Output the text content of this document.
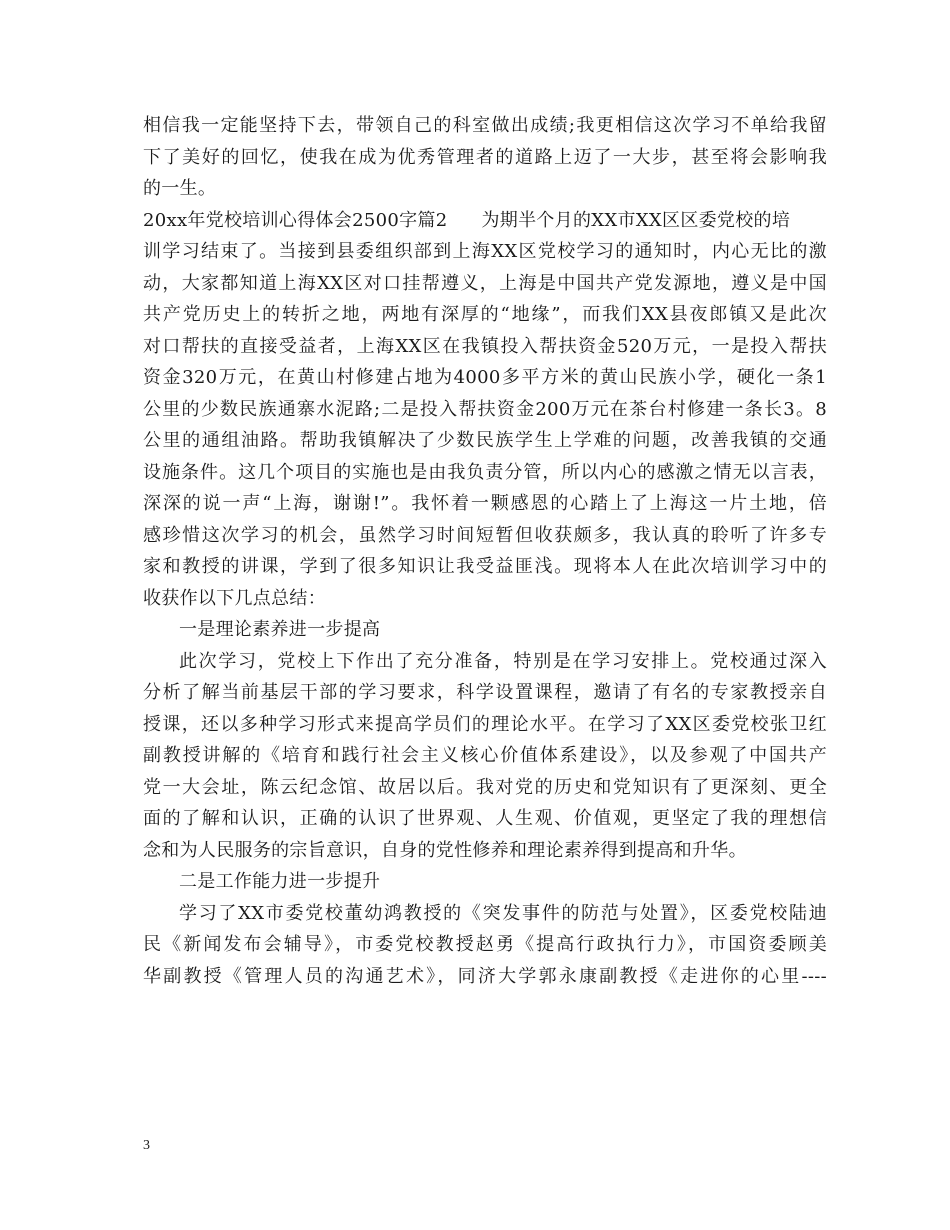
相信我一定能坚持下去，带领自己的科室做出成绩;我更相信这次学习不单给我留
下了美好的回忆，使我在成为优秀管理者的道路上迈了一大步，甚至将会影响我
的一生。
20xx年党校培训心得体会2500字篇2 为期半个月的XX市XX区区委党校的培
训学习结束了。当接到县委组织部到上海XX区党校学习的通知时，内心无比的激
动，大家都知道上海XX区对口挂帮遵义，上海是中国共产党发源地，遵义是中国
共产党历史上的转折之地，两地有深厚的“地缘”，而我们XX县夜郎镇又是此次
对口帮扶的直接受益者，上海XX区在我镇投入帮扶资金520万元，一是投入帮扶
资金320万元，在黄山村修建占地为4000多平方米的黄山民族小学，硬化一条1
公里的少数民族通寨水泥路;二是投入帮扶资金200万元在茶台村修建一条长3。8
公里的通组油路。帮助我镇解决了少数民族学生上学难的问题，改善我镇的交通
设施条件。这几个项目的实施也是由我负责分管，所以内心的感激之情无以言表，
深深的说一声“上海，谢谢!”。我怀着一颗感恩的心踏上了上海这一片土地，倍
感珍惜这次学习的机会，虽然学习时间短暂但收获颇多，我认真的聆听了许多专
家和教授的讲课，学到了很多知识让我受益匪浅。现将本人在此次培训学习中的
收获作以下几点总结：
一是理论素养进一步提高
此次学习，党校上下作出了充分准备，特别是在学习安排上。党校通过深入
分析了解当前基层干部的学习要求，科学设置课程，邀请了有名的专家教授亲自
授课，还以多种学习形式来提高学员们的理论水平。在学习了XX区委党校张卫红
副教授讲解的《培育和践行社会主义核心价值体系建设》，以及参观了中国共产
党一大会址，陈云纪念馆、故居以后。我对党的历史和党知识有了更深刻、更全
面的了解和认识，正确的认识了世界观、人生观、价值观，更坚定了我的理想信
念和为人民服务的宗旨意识，自身的党性修养和理论素养得到提高和升华。
二是工作能力进一步提升
学习了XX市委党校董幼鸿教授的《突发事件的防范与处置》，区委党校陆迪
民《新闻发布会辅导》，市委党校教授赵勇《提高行政执行力》，市国资委顾美
华副教授《管理人员的沟通艺术》，同济大学郭永康副教授《走进你的心里----
3
